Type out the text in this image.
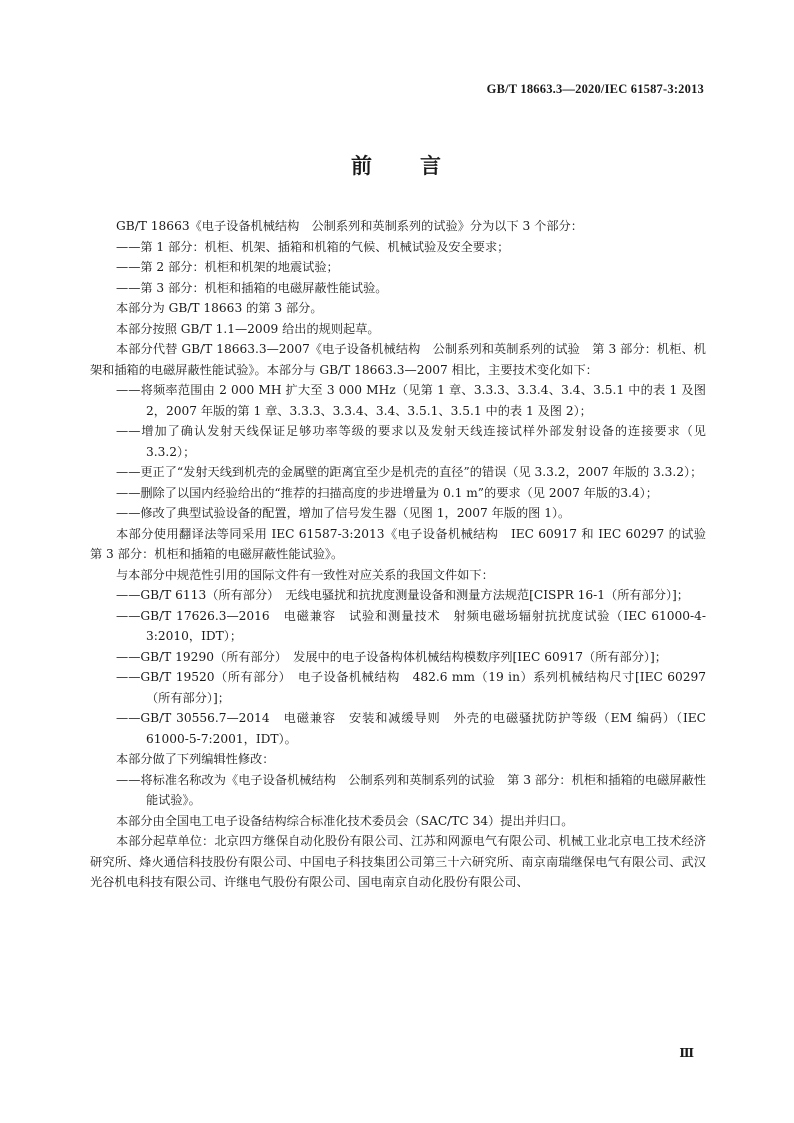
GB/T 18663.3—2020/IEC 61587-3:2013
前 言

GB/T 18663《电子设备机械结构　公制系列和英制系列的试验》分为以下 3 个部分：

——第 1 部分：机柜、机架、插箱和机箱的气候、机械试验及安全要求；

——第 2 部分：机柜和机架的地震试验；

——第 3 部分：机柜和插箱的电磁屏蔽性能试验。

本部分为 GB/T 18663 的第 3 部分。

本部分按照 GB/T 1.1—2009 给出的规则起草。

本部分代替 GB/T 18663.3—2007《电子设备机械结构　公制系列和英制系列的试验　第 3 部分：机柜、机架和插箱的电磁屏蔽性能试验》。本部分与 GB/T 18663.3—2007 相比，主要技术变化如下：

——将频率范围由 2 000 MH 扩大至 3 000 MHz（见第 1 章、3.3.3、3.3.4、3.4、3.5.1 中的表 1 及图 2，2007 年版的第 1 章、3.3.3、3.3.4、3.4、3.5.1、3.5.1 中的表 1 及图 2）；

——增加了确认发射天线保证足够功率等级的要求以及发射天线连接试样外部发射设备的连接要求（见 3.3.2）；

——更正了“发射天线到机壳的金属壁的距离宜至少是机壳的直径”的错误（见 3.3.2，2007 年版的 3.3.2）；

——删除了以国内经验给出的“推荐的扫描高度的步进增量为 0.1 m”的要求（见 2007 年版的3.4）；

——修改了典型试验设备的配置，增加了信号发生器（见图 1，2007 年版的图 1）。

本部分使用翻译法等同采用 IEC 61587-3:2013《电子设备机械结构　IEC 60917 和 IEC 60297 的试验　第 3 部分：机柜和插箱的电磁屏蔽性能试验》。

与本部分中规范性引用的国际文件有一致性对应关系的我国文件如下：

——GB/T 6113（所有部分）　无线电骚扰和抗扰度测量设备和测量方法规范[CISPR 16-1（所有部分）]；

——GB/T 17626.3—2016　电磁兼容　试验和测量技术　射频电磁场辐射抗扰度试验（IEC 61000-4-3:2010，IDT）；

——GB/T 19290（所有部分）　发展中的电子设备构体机械结构模数序列[IEC 60917（所有部分）]；

——GB/T 19520（所有部分）　电子设备机械结构　482.6 mm（19 in）系列机械结构尺寸[IEC 60297（所有部分）]；

——GB/T 30556.7—2014　电磁兼容　安装和减缓导则　外壳的电磁骚扰防护等级（EM 编码）（IEC 61000-5-7:2001，IDT）。

本部分做了下列编辑性修改：

——将标准名称改为《电子设备机械结构　公制系列和英制系列的试验　第 3 部分：机柜和插箱的电磁屏蔽性能试验》。

本部分由全国电工电子设备结构综合标准化技术委员会（SAC/TC 34）提出并归口。

本部分起草单位：北京四方继保自动化股份有限公司、江苏和网源电气有限公司、机械工业北京电工技术经济研究所、烽火通信科技股份有限公司、中国电子科技集团公司第三十六研究所、南京南瑞继保电气有限公司、武汉光谷机电科技有限公司、许继电气股份有限公司、国电南京自动化股份有限公司、

Ⅲ
